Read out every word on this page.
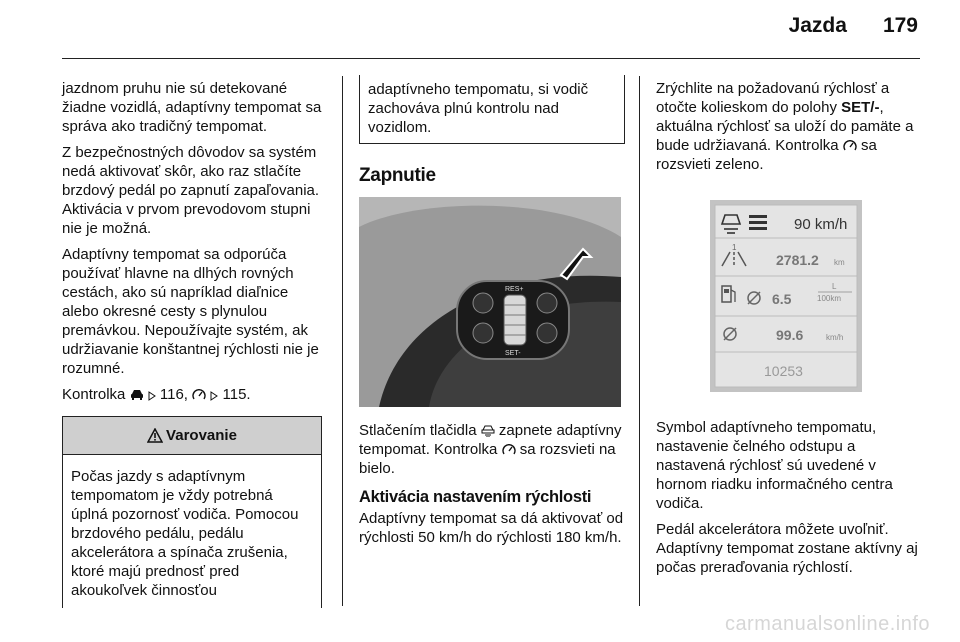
Jazda 179

jazdnom pruhu nie sú detekované žiadne vozidlá, adaptívny tempomat sa správa ako tradičný tempomat.

Z bezpečnostných dôvodov sa systém nedá aktivovať skôr, ako raz stlačíte brzdový pedál po zapnutí zapaľovania. Aktivácia v prvom prevodovom stupni nie je možná.

Adaptívny tempomat sa odporúča používať hlavne na dlhých rovných cestách, ako sú napríklad diaľnice alebo okresné cesty s plynulou premávkou. Nepoužívajte systém, ak udržiavanie konštantnej rýchlosti nie je rozumné.

Kontrolka 116, 115.

Varovanie
Počas jazdy s adaptívnym tempomatom je vždy potrebná úplná pozornosť vodiča. Pomocou brzdového pedálu, pedálu akcelerátora a spínača zrušenia, ktoré majú prednosť pred akoukoľvek činnosťou
adaptívneho tempomatu, si vodič zachováva plnú kontrolu nad vozidlom.
Zapnutie
RES+
SET-

Stlačením tlačidla zapnete adaptívny tempomat. Kontrolka sa rozsvieti na bielo.

Aktivácia nastavením rýchlosti

Adaptívny tempomat sa dá aktivovať od rýchlosti 50 km/h do rýchlosti 180 km/h.

Zrýchlite na požadovanú rýchlosť a otočte kolieskom do polohy SET/-, aktuálna rýchlosť sa uloží do pamäte a bude udržiavaná. Kontrolka sa rozsvieti zeleno.

90 km/h
1
2781.2 km
6.5
L
100km
99.6	km/h
10253

Symbol adaptívneho tempomatu, nastavenie čelného odstupu a nastavená rýchlosť sú uvedené v hornom riadku informačného centra vodiča.

Pedál akcelerátora môžete uvoľniť. Adaptívny tempomat zostane aktívny aj počas preraďovania rýchlostí.

carmanualsonline.info
